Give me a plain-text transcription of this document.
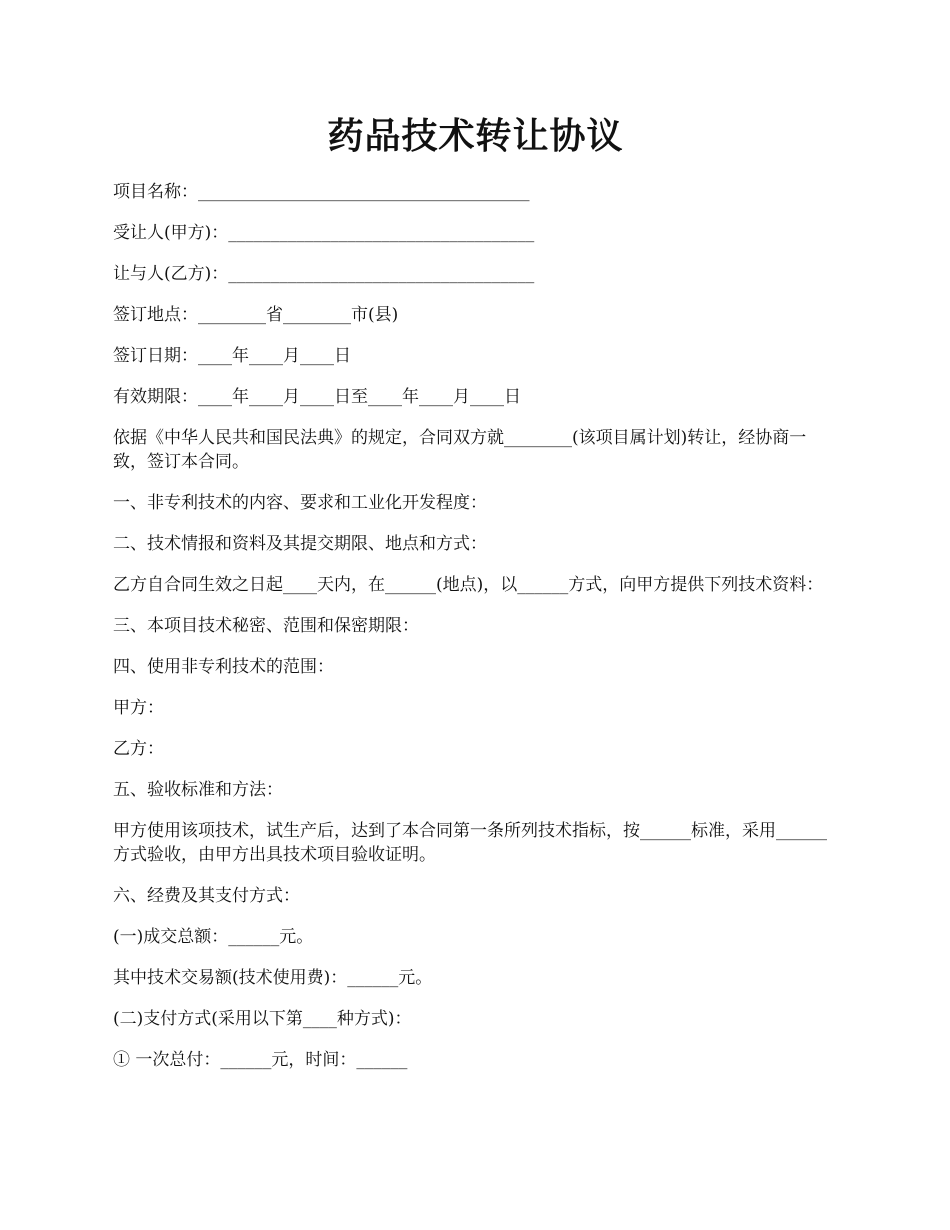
药品技术转让协议

项目名称：_______________________________________

受让人(甲方)：____________________________________

让与人(乙方)：____________________________________

签订地点：________省________市(县)

签订日期：____年____月____日

有效期限：____年____月____日至____年____月____日

依据《中华人民共和国民法典》的规定，合同双方就________(该项目属计划)转让，经协商一致，签订本合同。

一、非专利技术的内容、要求和工业化开发程度：

二、技术情报和资料及其提交期限、地点和方式：

乙方自合同生效之日起____天内，在______(地点)，以______方式，向甲方提供下列技术资料：

三、本项目技术秘密、范围和保密期限：

四、使用非专利技术的范围：

甲方：

乙方：

五、验收标准和方法：

甲方使用该项技术，试生产后，达到了本合同第一条所列技术指标，按______标准，采用______方式验收，由甲方出具技术项目验收证明。

六、经费及其支付方式：

(一)成交总额：______元。

其中技术交易额(技术使用费)：______元。

(二)支付方式(采用以下第____种方式)：

① 一次总付：______元，时间：______
